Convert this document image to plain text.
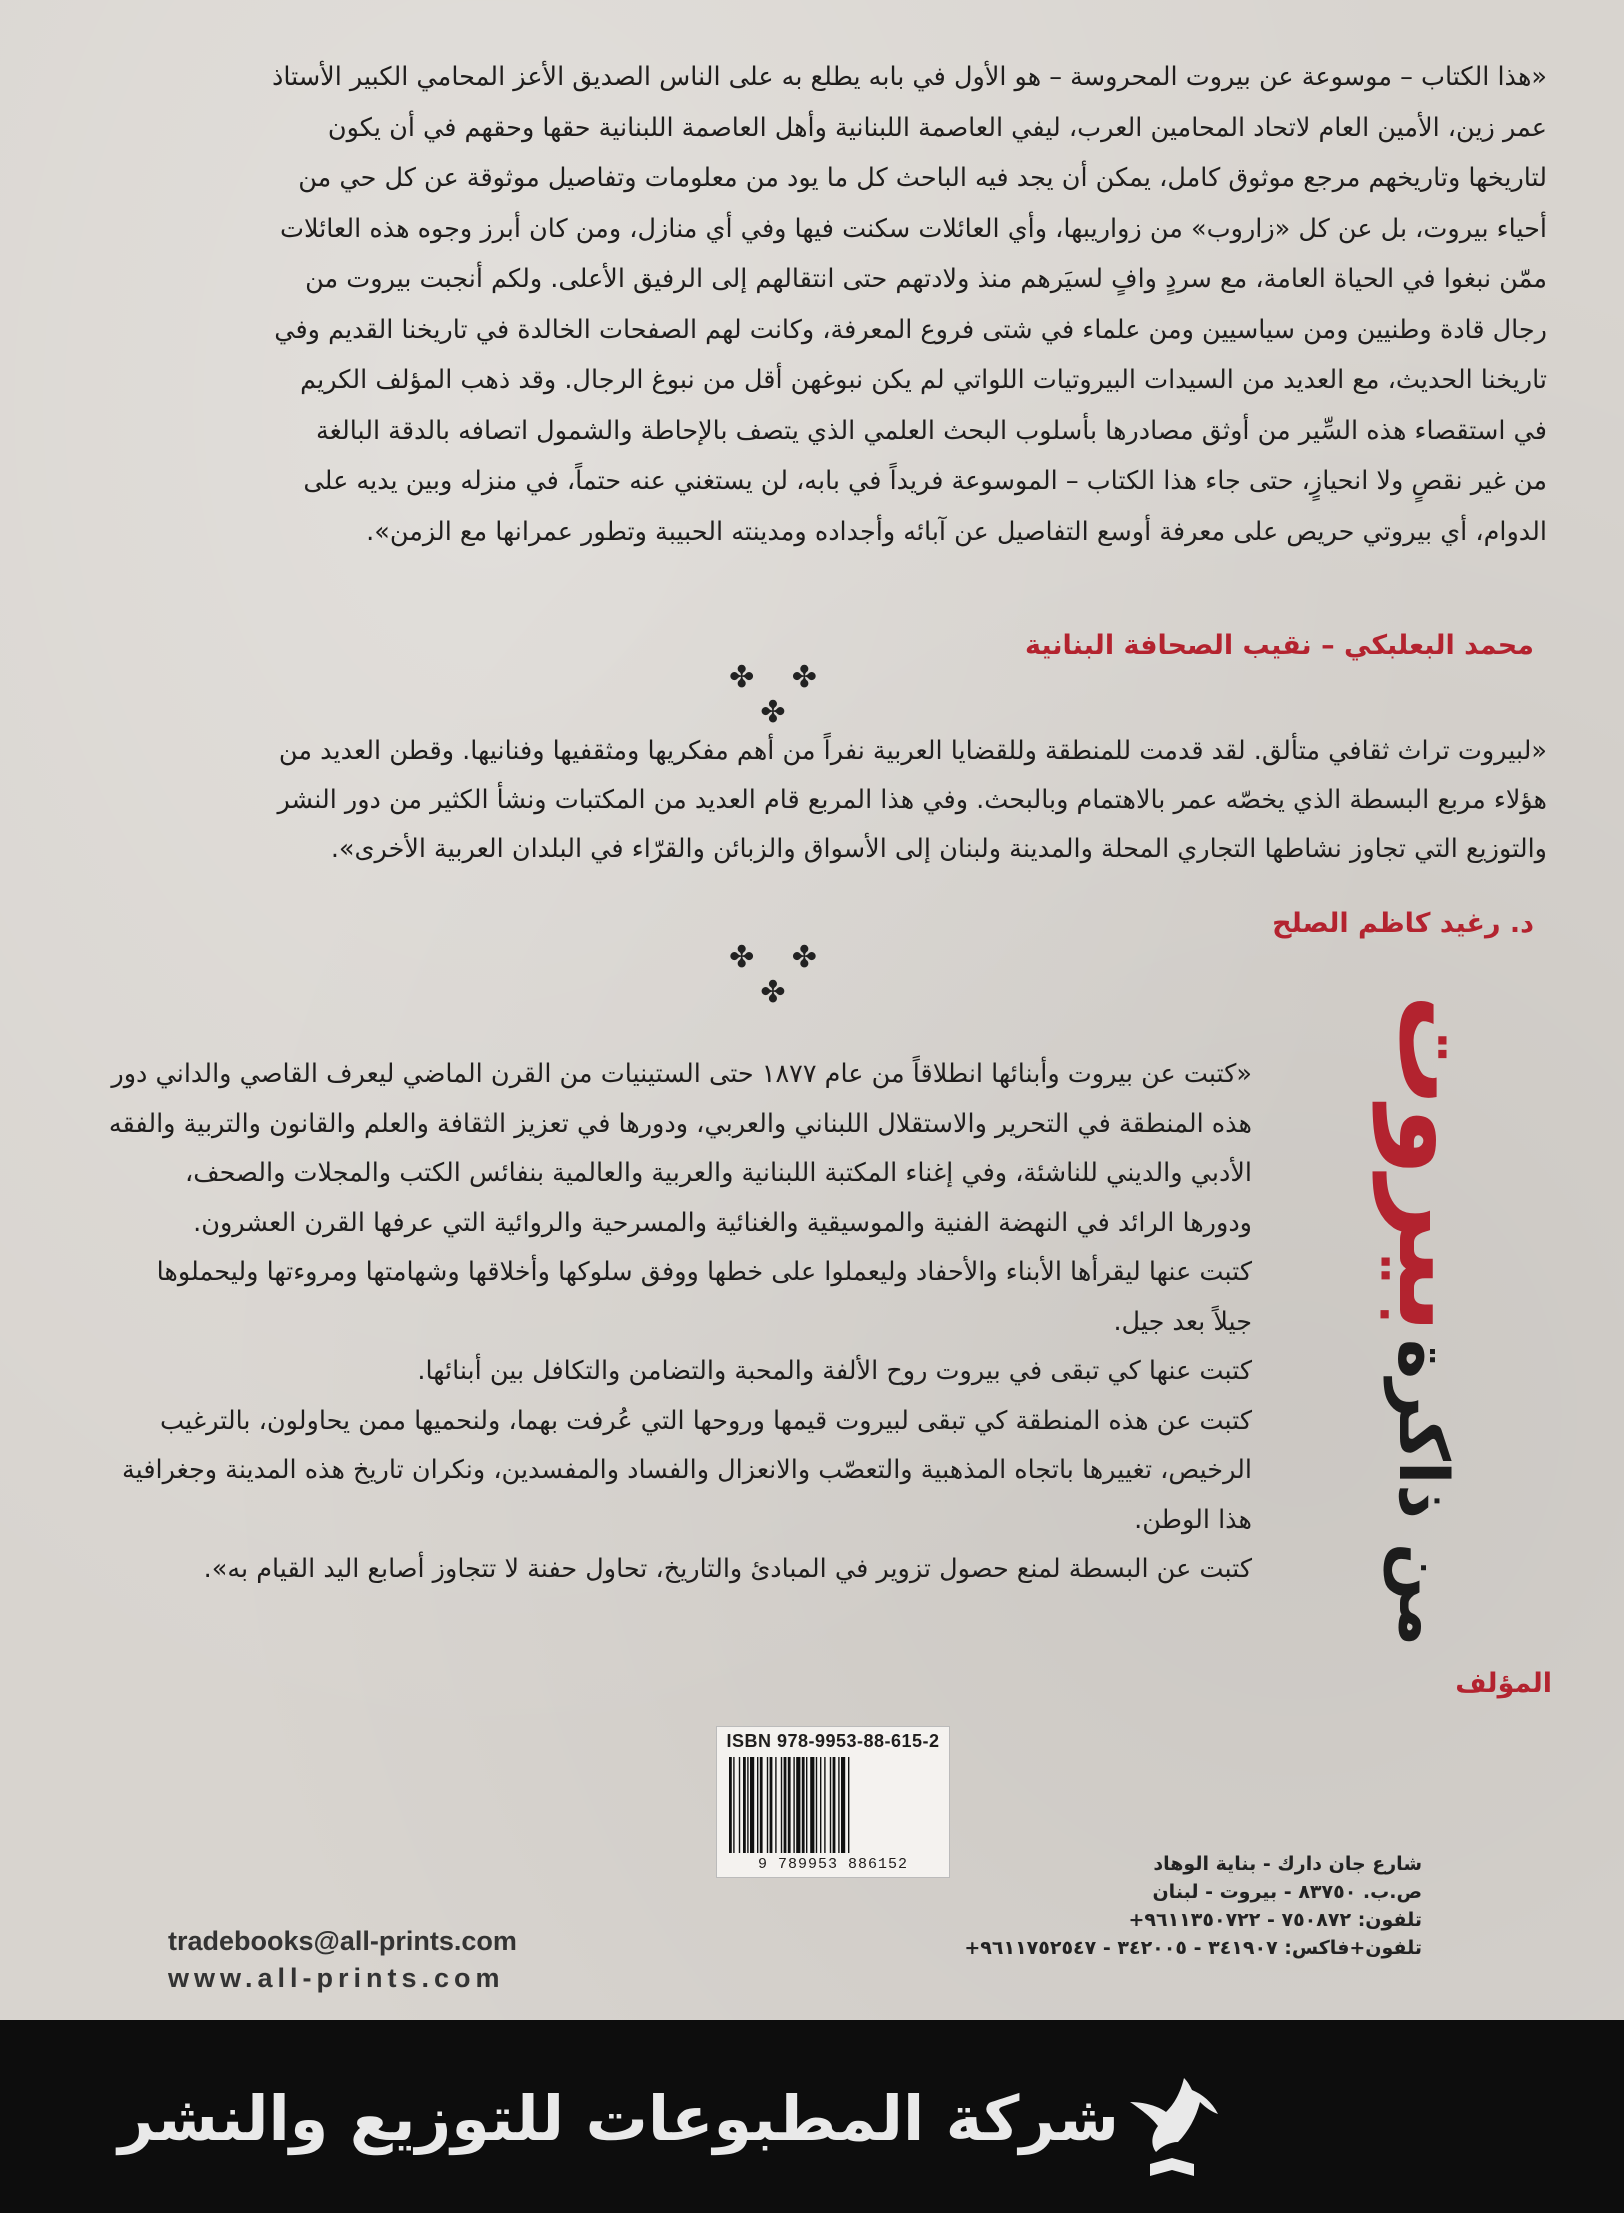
«هذا الكتاب – موسوعة عن بيروت المحروسة – هو الأول في بابه يطلع به على الناس الصديق الأعز المحامي الكبير الأستاذ

عمر زين، الأمين العام لاتحاد المحامين العرب، ليفي العاصمة اللبنانية وأهل العاصمة اللبنانية حقها وحقهم في أن يكون

لتاريخها وتاريخهم مرجع موثوق كامل، يمكن أن يجد فيه الباحث كل ما يود من معلومات وتفاصيل موثوقة عن كل حي من

أحياء بيروت، بل عن كل «زاروب» من زواريبها، وأي العائلات سكنت فيها وفي أي منازل، ومن كان أبرز وجوه هذه العائلات

ممّن نبغوا في الحياة العامة، مع سردٍ وافٍ لسيَرهم منذ ولادتهم حتى انتقالهم إلى الرفيق الأعلى. ولكم أنجبت بيروت من

رجال قادة وطنيين ومن سياسيين ومن علماء في شتى فروع المعرفة، وكانت لهم الصفحات الخالدة في تاريخنا القديم وفي

تاريخنا الحديث، مع العديد من السيدات البيروتيات اللواتي لم يكن نبوغهن أقل من نبوغ الرجال. وقد ذهب المؤلف الكريم

في استقصاء هذه السِّير من أوثق مصادرها بأسلوب البحث العلمي الذي يتصف بالإحاطة والشمول اتصافه بالدقة البالغة

من غير نقصٍ ولا انحيازٍ، حتى جاء هذا الكتاب – الموسوعة فريداً في بابه، لن يستغني عنه حتماً، في منزله وبين يديه على

الدوام، أي بيروتي حريص على معرفة أوسع التفاصيل عن آبائه وأجداده ومدينته الحبيبة وتطور عمرانها مع الزمن».

محمد البعلبكي – نقيب الصحافة البنانية
✤ ✤ ✤

«لبيروت تراث ثقافي متألق. لقد قدمت للمنطقة وللقضايا العربية نفراً من أهم مفكريها ومثقفيها وفنانيها. وقطن العديد من

هؤلاء مربع البسطة الذي يخصّه عمر بالاهتمام وبالبحث. وفي هذا المربع قام العديد من المكتبات ونشأ الكثير من دور النشر

والتوزيع التي تجاوز نشاطها التجاري المحلة والمدينة ولبنان إلى الأسواق والزبائن والقرّاء في البلدان العربية الأخرى».

د. رغيد كاظم الصلح
✤ ✤ ✤

«كتبت عن بيروت وأبنائها انطلاقاً من عام ١٨٧٧ حتى الستينيات من القرن الماضي ليعرف القاصي والداني دور

هذه المنطقة في التحرير والاستقلال اللبناني والعربي، ودورها في تعزيز الثقافة والعلم والقانون والتربية والفقه

الأدبي والديني للناشئة، وفي إغناء المكتبة اللبنانية والعربية والعالمية بنفائس الكتب والمجلات والصحف،

ودورها الرائد في النهضة الفنية والموسيقية والغنائية والمسرحية والروائية التي عرفها القرن العشرون.

كتبت عنها ليقرأها الأبناء والأحفاد وليعملوا على خطها ووفق سلوكها وأخلاقها وشهامتها ومروءتها وليحملوها

جيلاً بعد جيل.

كتبت عنها كي تبقى في بيروت روح الألفة والمحبة والتضامن والتكافل بين أبنائها.

كتبت عن هذه المنطقة كي تبقى لبيروت قيمها وروحها التي عُرفت بهما، ولنحميها ممن يحاولون، بالترغيب

الرخيص، تغييرها باتجاه المذهبية والتعصّب والانعزال والفساد والمفسدين، ونكران تاريخ هذه المدينة وجغرافية

هذا الوطن.

كتبت عن البسطة لمنع حصول تزوير في المبادئ والتاريخ، تحاول حفنة لا تتجاوز أصابع اليد القيام به».

المؤلف
من ذاكرة بيروت
ISBN 978-9953-88-615-2
9 789953 886152	شارع جان دارك - بناية الوهاد
ص.ب. ٨٣٧٥٠ - بيروت - لبنان
تلفون: ٧٥٠٨٧٢ - ٩٦١١٣٥٠٧٢٢+
تلفون+فاكس: ٣٤١٩٠٧ - ٣٤٢٠٠٥ - ٩٦١١٧٥٢٥٤٧+
tradebooks@all-prints.com
www.all-prints.com
شركة المطبوعات للتوزيع والنشر
